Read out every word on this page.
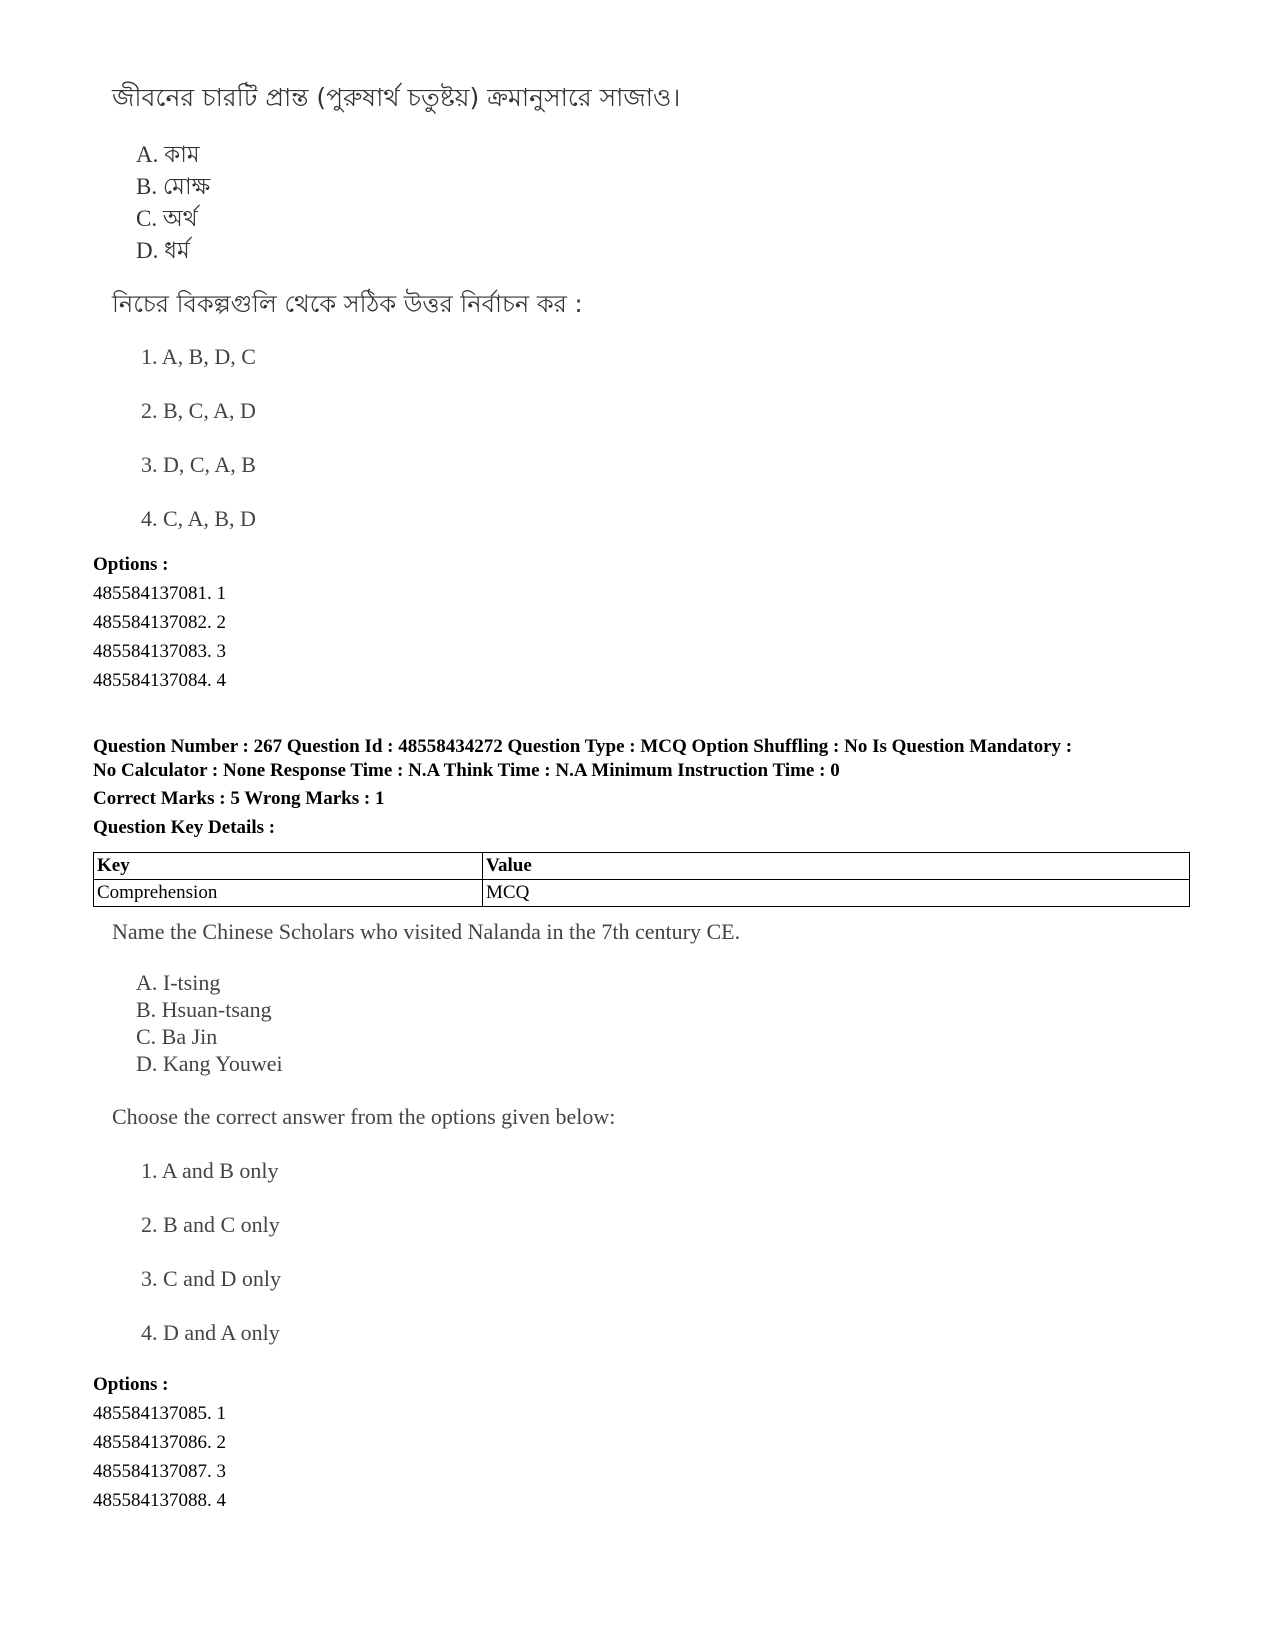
জীবনের চারটি প্রান্ত (পুরুষার্থ চতুষ্টয়) ক্রমানুসারে সাজাও।
A. কাম
B. মোক্ষ
C. অর্থ
D. ধর্ম
নিচের বিকল্পগুলি থেকে সঠিক উত্তর নির্বাচন কর :
1. A, B, D, C
2. B, C, A, D
3. D, C, A, B
4. C, A, B, D
Options :
485584137081. 1
485584137082. 2
485584137083. 3
485584137084. 4
Question Number : 267 Question Id : 48558434272 Question Type : MCQ Option Shuffling : No Is Question Mandatory :
No Calculator : None Response Time : N.A Think Time : N.A Minimum Instruction Time : 0
Correct Marks : 5 Wrong Marks : 1
Question Key Details :
Key	Value
Comprehension	MCQ
Name the Chinese Scholars who visited Nalanda in the 7th century CE.
A. I-tsing
B. Hsuan-tsang
C. Ba Jin
D. Kang Youwei
Choose the correct answer from the options given below:
1. A and B only
2. B and C only
3. C and D only
4. D and A only
Options :
485584137085. 1
485584137086. 2
485584137087. 3
485584137088. 4
